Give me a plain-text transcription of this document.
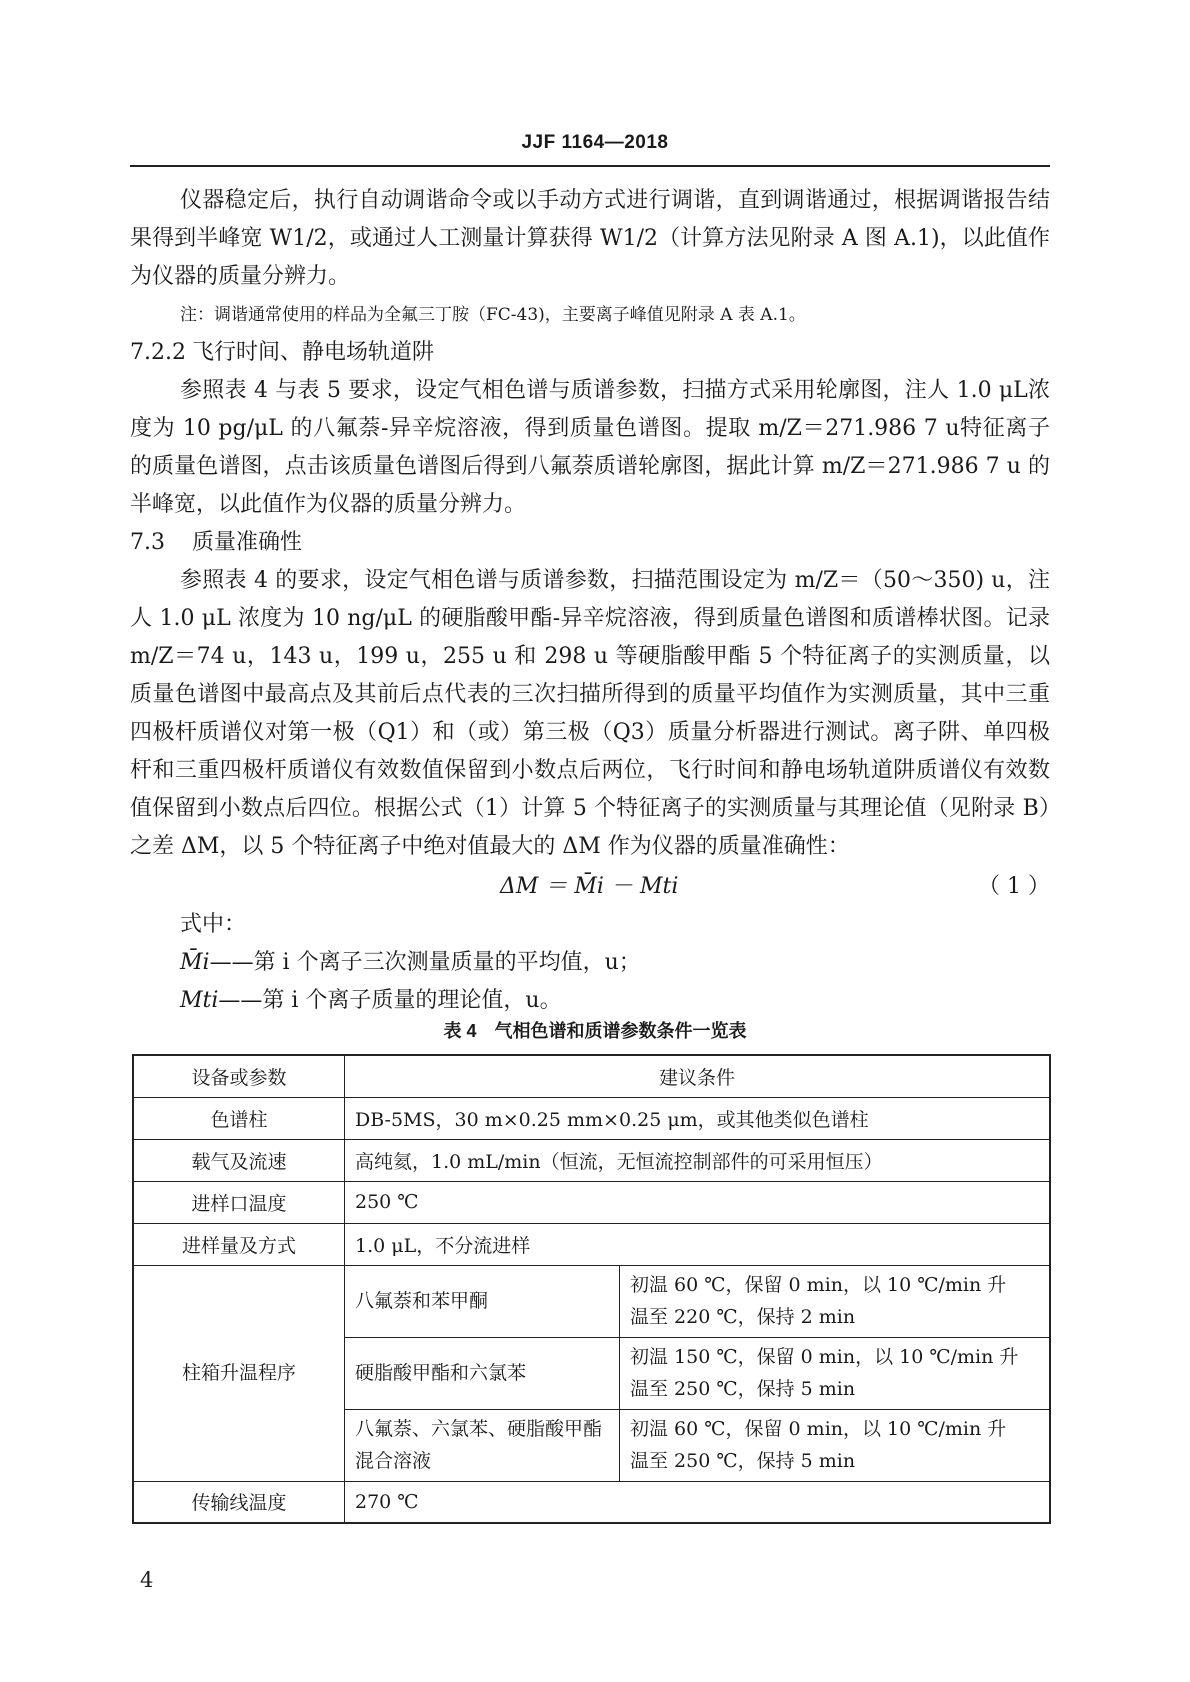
JJF 1164—2018

仪器稳定后，执行自动调谐命令或以手动方式进行调谐，直到调谐通过，根据调谐报告结果得到半峰宽 W1/2，或通过人工测量计算获得 W1/2（计算方法见附录 A 图 A.1)，以此值作为仪器的质量分辨力。

注：调谐通常使用的样品为全氟三丁胺（FC-43)，主要离子峰值见附录 A 表 A.1。

7.2.2 飞行时间、静电场轨道阱

参照表 4 与表 5 要求，设定气相色谱与质谱参数，扫描方式采用轮廓图，注人 1.0 μL浓度为 10 pg/μL 的八氟萘-异辛烷溶液，得到质量色谱图。提取 m/Z＝271.986 7 u特征离子的质量色谱图，点击该质量色谱图后得到八氟萘质谱轮廓图，据此计算 m/Z＝271.986 7 u 的半峰宽，以此值作为仪器的质量分辨力。

7.3 质量准确性

参照表 4 的要求，设定气相色谱与质谱参数，扫描范围设定为 m/Z＝（50～350) u，注人 1.0 μL 浓度为 10 ng/μL 的硬脂酸甲酯-异辛烷溶液，得到质量色谱图和质谱棒状图。记录 m/Z＝74 u，143 u，199 u，255 u 和 298 u 等硬脂酸甲酯 5 个特征离子的实测质量，以质量色谱图中最高点及其前后点代表的三次扫描所得到的质量平均值作为实测质量，其中三重四极杆质谱仪对第一极（Q1）和（或）第三极（Q3）质量分析器进行测试。离子阱、单四极杆和三重四极杆质谱仪有效数值保留到小数点后两位，飞行时间和静电场轨道阱质谱仪有效数值保留到小数点后四位。根据公式（1）计算 5 个特征离子的实测质量与其理论值（见附录 B）之差 ΔM，以 5 个特征离子中绝对值最大的 ΔM 作为仪器的质量准确性：

ΔM ＝ M̄i － Mti	（ 1 ）

式中：

M̄i——第 i 个离子三次测量质量的平均值，u；

Mti——第 i 个离子质量的理论值，u。

表 4　气相色谱和质谱参数条件一览表
设备或参数	建议条件	
色谱柱	DB-5MS，30 m×0.25 mm×0.25 μm，或其他类似色谱柱	
载气及流速	高纯氦，1.0 mL/min（恒流，无恒流控制部件的可采用恒压）	
进样口温度	250 ℃	
进样量及方式	1.0 μL，不分流进样	
柱箱升温程序	八氟萘和苯甲酮	初温 60 ℃，保留 0 min，以 10 ℃/min 升
温至 220 ℃，保持 2 min
	硬脂酸甲酯和六氯苯	初温 150 ℃，保留 0 min，以 10 ℃/min 升
温至 250 ℃，保持 5 min
	八氟萘、六氯苯、硬脂酸甲酯混合溶液	初温 60 ℃，保留 0 min，以 10 ℃/min 升
温至 250 ℃，保持 5 min
传输线温度	270 ℃	
4
